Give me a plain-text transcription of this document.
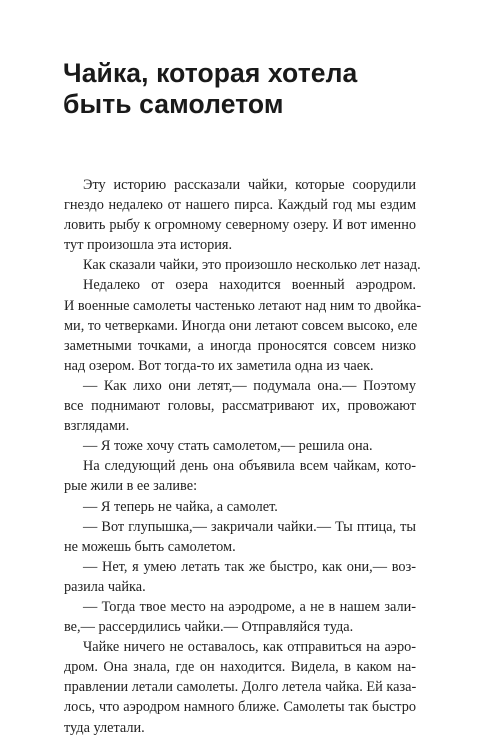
Чайка, которая хотела
быть самолетом
Эту историю рассказали чайки, которые соорудили
гнездо недалеко от нашего пирса. Каждый год мы ездим
ловить рыбу к огромному северному озеру. И вот именно
тут произошла эта история.
Как сказали чайки, это произошло несколько лет назад.
Недалеко от озера находится военный аэродром.
И военные самолеты частенько летают над ним то двойка-
ми, то четверками. Иногда они летают совсем высоко, еле
заметными точками, а иногда проносятся совсем низко
над озером. Вот тогда-то их заметила одна из чаек.
— Как лихо они летят,— подумала она.— Поэтому
все поднимают головы, рассматривают их, провожают
взглядами.
— Я тоже хочу стать самолетом,— решила она.
На следующий день она объявила всем чайкам, кото-
рые жили в ее заливе:
— Я теперь не чайка, а самолет.
— Вот глупышка,— закричали чайки.— Ты птица, ты
не можешь быть самолетом.
— Нет, я умею летать так же быстро, как они,— воз-
разила чайка.
— Тогда твое место на аэродроме, а не в нашем зали-
ве,— рассердились чайки.— Отправляйся туда.
Чайке ничего не оставалось, как отправиться на аэро-
дром. Она знала, где он находится. Видела, в каком на-
правлении летали самолеты. Долго летела чайка. Ей каза-
лось, что аэродром намного ближе. Самолеты так быстро
туда улетали.
